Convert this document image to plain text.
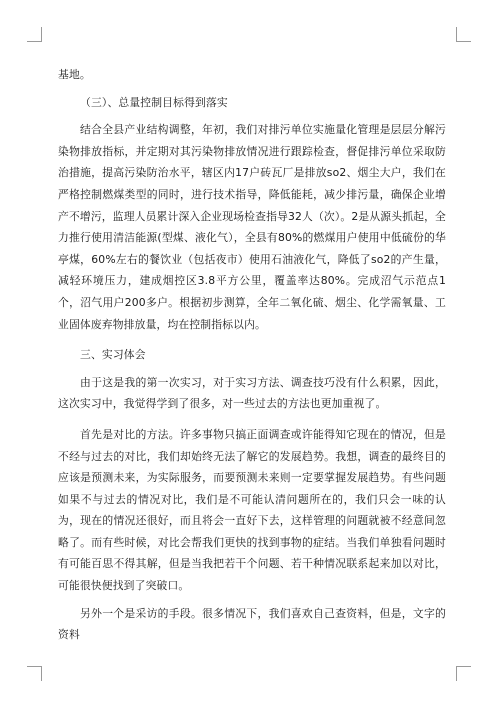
基地。

（三）、总量控制目标得到落实

结合全县产业结构调整，年初，我们对排污单位实施量化管理是层层分解污染物排放指标，并定期对其污染物排放情况进行跟踪检查，督促排污单位采取防治措施，提高污染防治水平，辖区内17户砖瓦厂是排放so2、烟尘大户，我们在严格控制燃煤类型的同时，进行技术指导，降低能耗，减少排污量，确保企业增产不增污，监理人员累计深入企业现场检查指导32人（次）。2是从源头抓起，全力推行使用清洁能源(型煤、液化气），全县有80%的燃煤用户使用中低硫份的华亭煤，60%左右的餐饮业（包括夜市）使用石油液化气，降低了so2的产生量，减轻环境压力，建成烟控区3.8平方公里，覆盖率达80%。完成沼气示范点1个，沼气用户200多户。根据初步测算，全年二氧化硫、烟尘、化学需氧量、工业固体废弃物排放量，均在控制指标以内。

三、实习体会

由于这是我的第一次实习，对于实习方法、调查技巧没有什么积累，因此，这次实习中，我觉得学到了很多，对一些过去的方法也更加重视了。

首先是对比的方法。许多事物只搞正面调查或许能得知它现在的情况，但是不经与过去的对比，我们却始终无法了解它的发展趋势。我想，调查的最终目的应该是预测未来，为实际服务，而要预测未来则一定要掌握发展趋势。有些问题如果不与过去的情况对比，我们是不可能认清问题所在的，我们只会一味的认为，现在的情况还很好，而且将会一直好下去，这样管理的问题就被不经意间忽略了。而有些时候，对比会帮我们更快的找到事物的症结。当我们单独看问题时有可能百思不得其解，但是当我把若干个问题、若干种情况联系起来加以对比，可能很快便找到了突破口。

另外一个是采访的手段。很多情况下，我们喜欢自己查资料，但是，文字的资料
